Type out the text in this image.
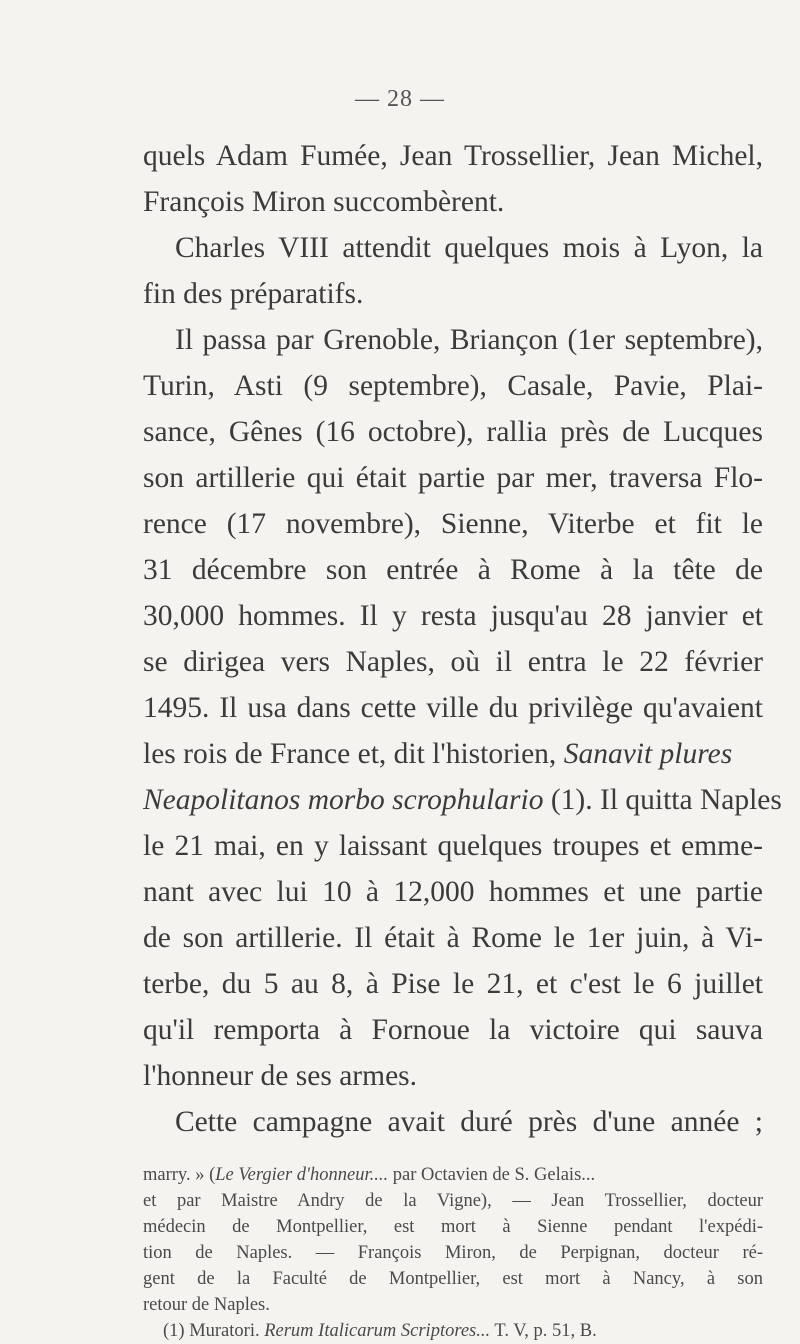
— 28 —
quels Adam Fumée, Jean Trossellier, Jean Michel,
François Miron succombèrent.
Charles VIII attendit quelques mois à Lyon, la
fin des préparatifs.
Il passa par Grenoble, Briançon (1er septembre),
Turin, Asti (9 septembre), Casale, Pavie, Plai-
sance, Gênes (16 octobre), rallia près de Lucques
son artillerie qui était partie par mer, traversa Flo-
rence (17 novembre), Sienne, Viterbe et fit le
31 décembre son entrée à Rome à la tête de
30,000 hommes. Il y resta jusqu'au 28 janvier et
se dirigea vers Naples, où il entra le 22 février
1495. Il usa dans cette ville du privilège qu'avaient
les rois de France et, dit l'historien, Sanavit plures
Neapolitanos morbo scrophulario (1). Il quitta Naples
le 21 mai, en y laissant quelques troupes et emme-
nant avec lui 10 à 12,000 hommes et une partie
de son artillerie. Il était à Rome le 1er juin, à Vi-
terbe, du 5 au 8, à Pise le 21, et c'est le 6 juillet
qu'il remporta à Fornoue la victoire qui sauva
l'honneur de ses armes.
Cette campagne avait duré près d'une année ;
marry. » (Le Vergier d'honneur.... par Octavien de S. Gelais...
et par Maistre Andry de la Vigne), — Jean Trossellier, docteur
médecin de Montpellier, est mort à Sienne pendant l'expédi-
tion de Naples. — François Miron, de Perpignan, docteur ré-
gent de la Faculté de Montpellier, est mort à Nancy, à son
retour de Naples.
(1) Muratori. Rerum Italicarum Scriptores... T. V, p. 51, B.
